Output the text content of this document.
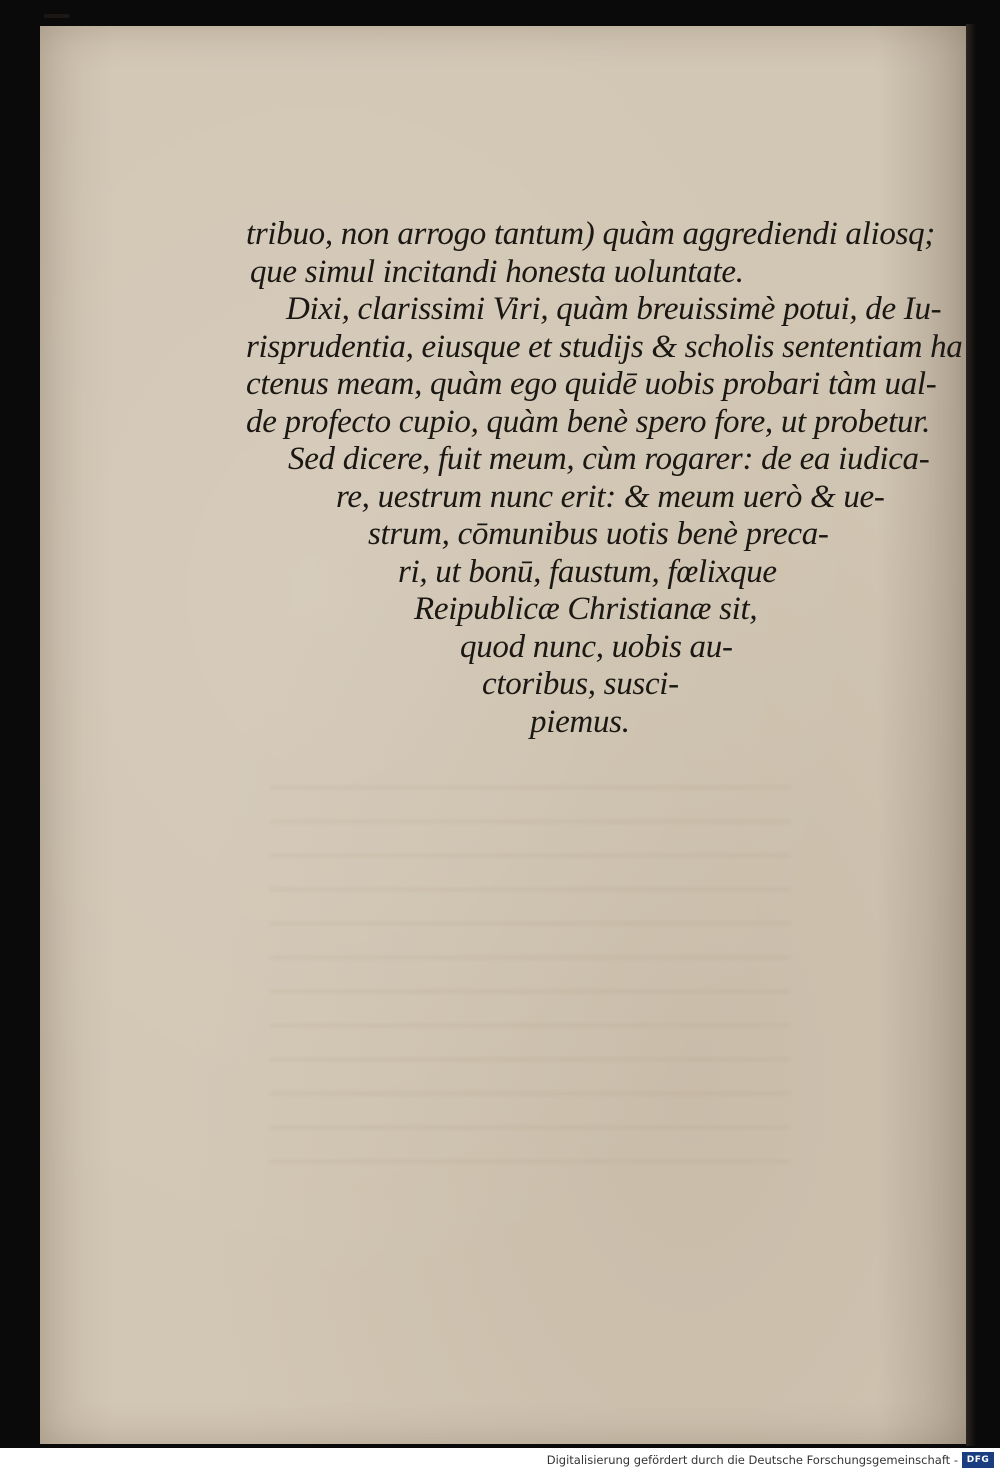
tribuo, non arrogo tantum) quàm aggrediendi aliosq;
que simul incitandi honesta uoluntate.
Dixi, clarissimi Viri, quàm breuissimè potui, de Iu-
risprudentia, eiusque et studijs & scholis sententiam ha
ctenus meam, quàm ego quidē uobis probari tàm ual-
de profecto cupio, quàm benè spero fore, ut probetur.
Sed dicere, fuit meum, cùm rogarer: de ea iudica-
re, uestrum nunc erit: & meum uerò & ue-
strum, cōmunibus uotis benè preca-
ri, ut bonū, faustum, fœlixque
Reipublicæ Christianæ sit,
quod nunc, uobis au-
ctoribus, susci-
piemus.
Digitalisierung gefördert durch die Deutsche Forschungsgemeinschaft - DFG
